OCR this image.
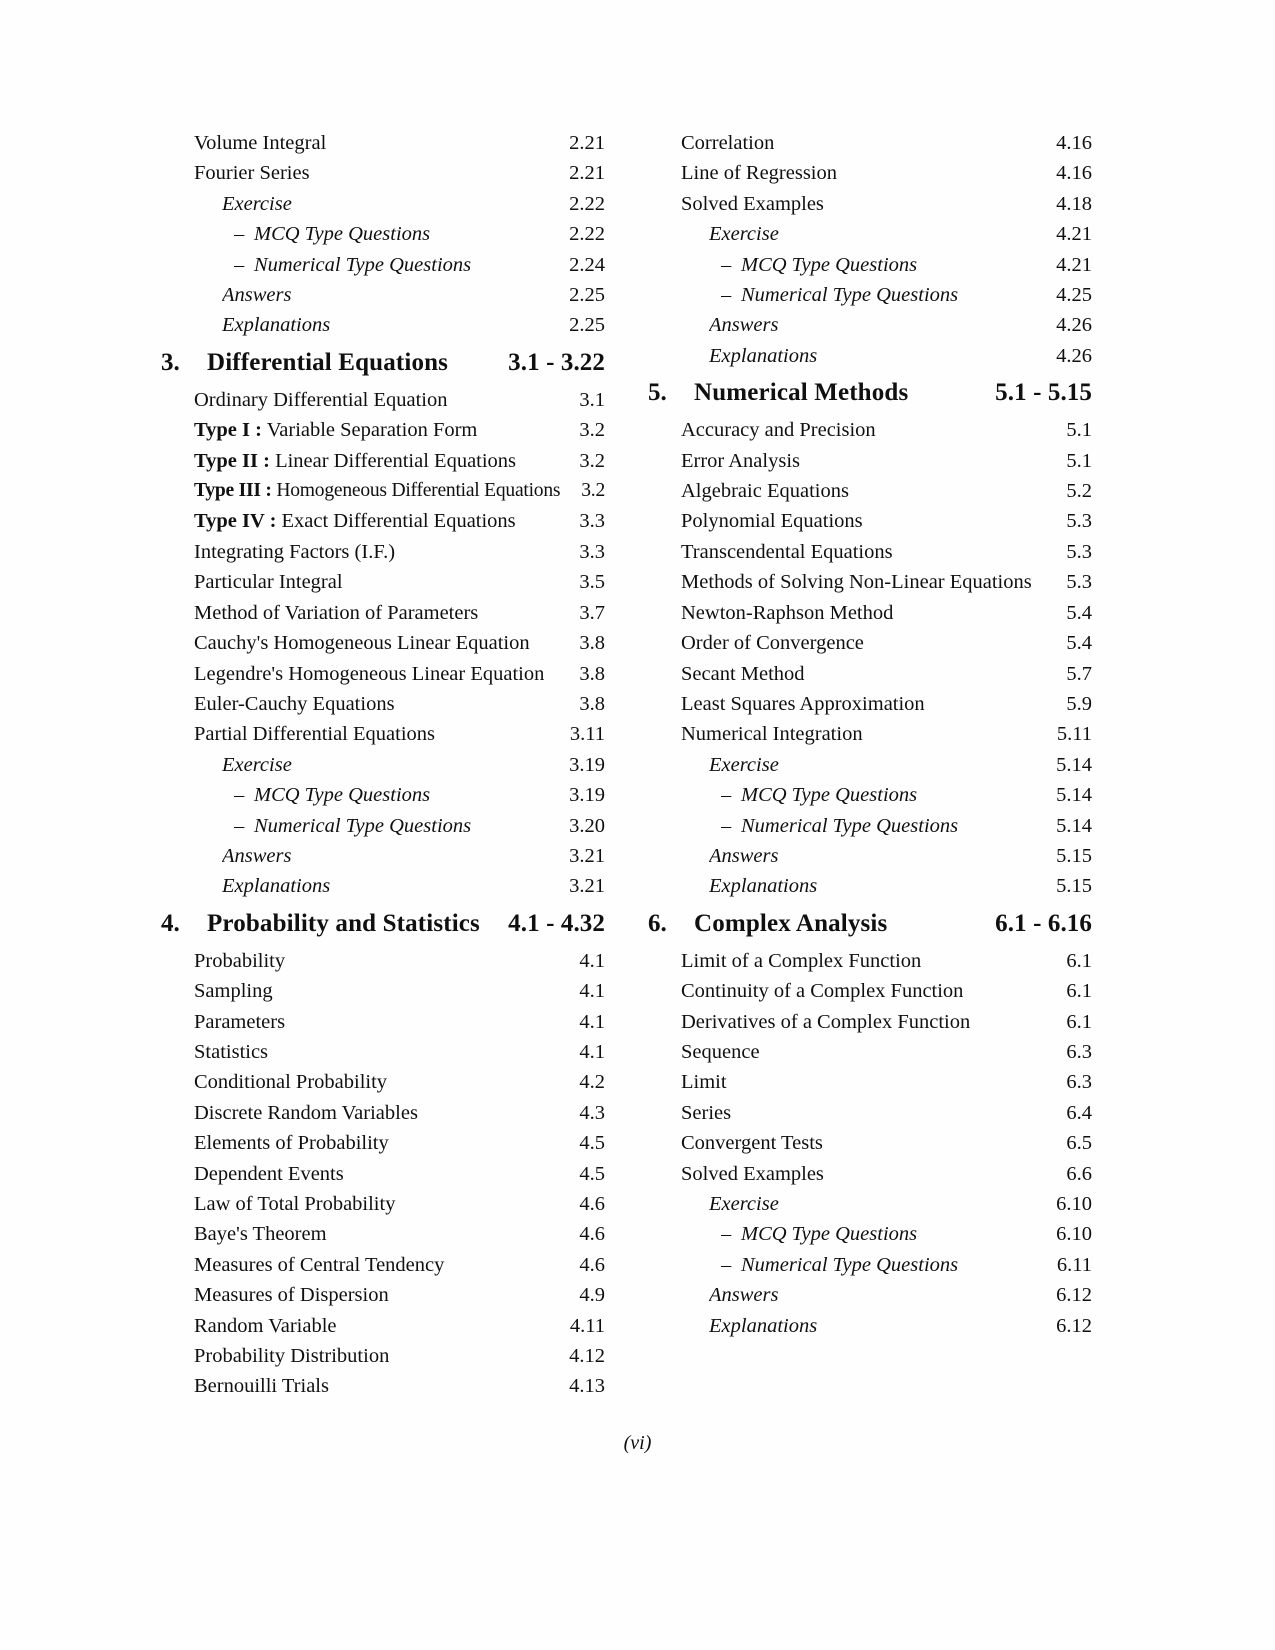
Volume Integral	2.21
Fourier Series	2.21
Exercise	2.22
– MCQ Type Questions	2.22
– Numerical Type Questions	2.24
Answers	2.25
Explanations	2.25
3.	Differential Equations	3.1 - 3.22
Ordinary Differential Equation	3.1
Type I : Variable Separation Form	3.2
Type II : Linear Differential Equations	3.2
Type III : Homogeneous Differential Equations	3.2
Type IV : Exact Differential Equations	3.3
Integrating Factors (I.F.)	3.3
Particular Integral	3.5
Method of Variation of Parameters	3.7
Cauchy's Homogeneous Linear Equation	3.8
Legendre's Homogeneous Linear Equation	3.8
Euler-Cauchy Equations	3.8
Partial Differential Equations	3.11
Exercise	3.19
– MCQ Type Questions	3.19
– Numerical Type Questions	3.20
Answers	3.21
Explanations	3.21
4.	Probability and Statistics	4.1 - 4.32
Probability	4.1
Sampling	4.1
Parameters	4.1
Statistics	4.1
Conditional Probability	4.2
Discrete Random Variables	4.3
Elements of Probability	4.5
Dependent Events	4.5
Law of Total Probability	4.6
Baye's Theorem	4.6
Measures of Central Tendency	4.6
Measures of Dispersion	4.9
Random Variable	4.11
Probability Distribution	4.12
Bernouilli Trials	4.13
Correlation	4.16
Line of Regression	4.16
Solved Examples	4.18
Exercise	4.21
– MCQ Type Questions	4.21
– Numerical Type Questions	4.25
Answers	4.26
Explanations	4.26
5.	Numerical Methods	5.1 - 5.15
Accuracy and Precision	5.1
Error Analysis	5.1
Algebraic Equations	5.2
Polynomial Equations	5.3
Transcendental Equations	5.3
Methods of Solving Non-Linear Equations	5.3
Newton-Raphson Method	5.4
Order of Convergence	5.4
Secant Method	5.7
Least Squares Approximation	5.9
Numerical Integration	5.11
Exercise	5.14
– MCQ Type Questions	5.14
– Numerical Type Questions	5.14
Answers	5.15
Explanations	5.15
6.	Complex Analysis	6.1 - 6.16
Limit of a Complex Function	6.1
Continuity of a Complex Function	6.1
Derivatives of a Complex Function	6.1
Sequence	6.3
Limit	6.3
Series	6.4
Convergent Tests	6.5
Solved Examples	6.6
Exercise	6.10
– MCQ Type Questions	6.10
– Numerical Type Questions	6.11
Answers	6.12
Explanations	6.12
(vi)
